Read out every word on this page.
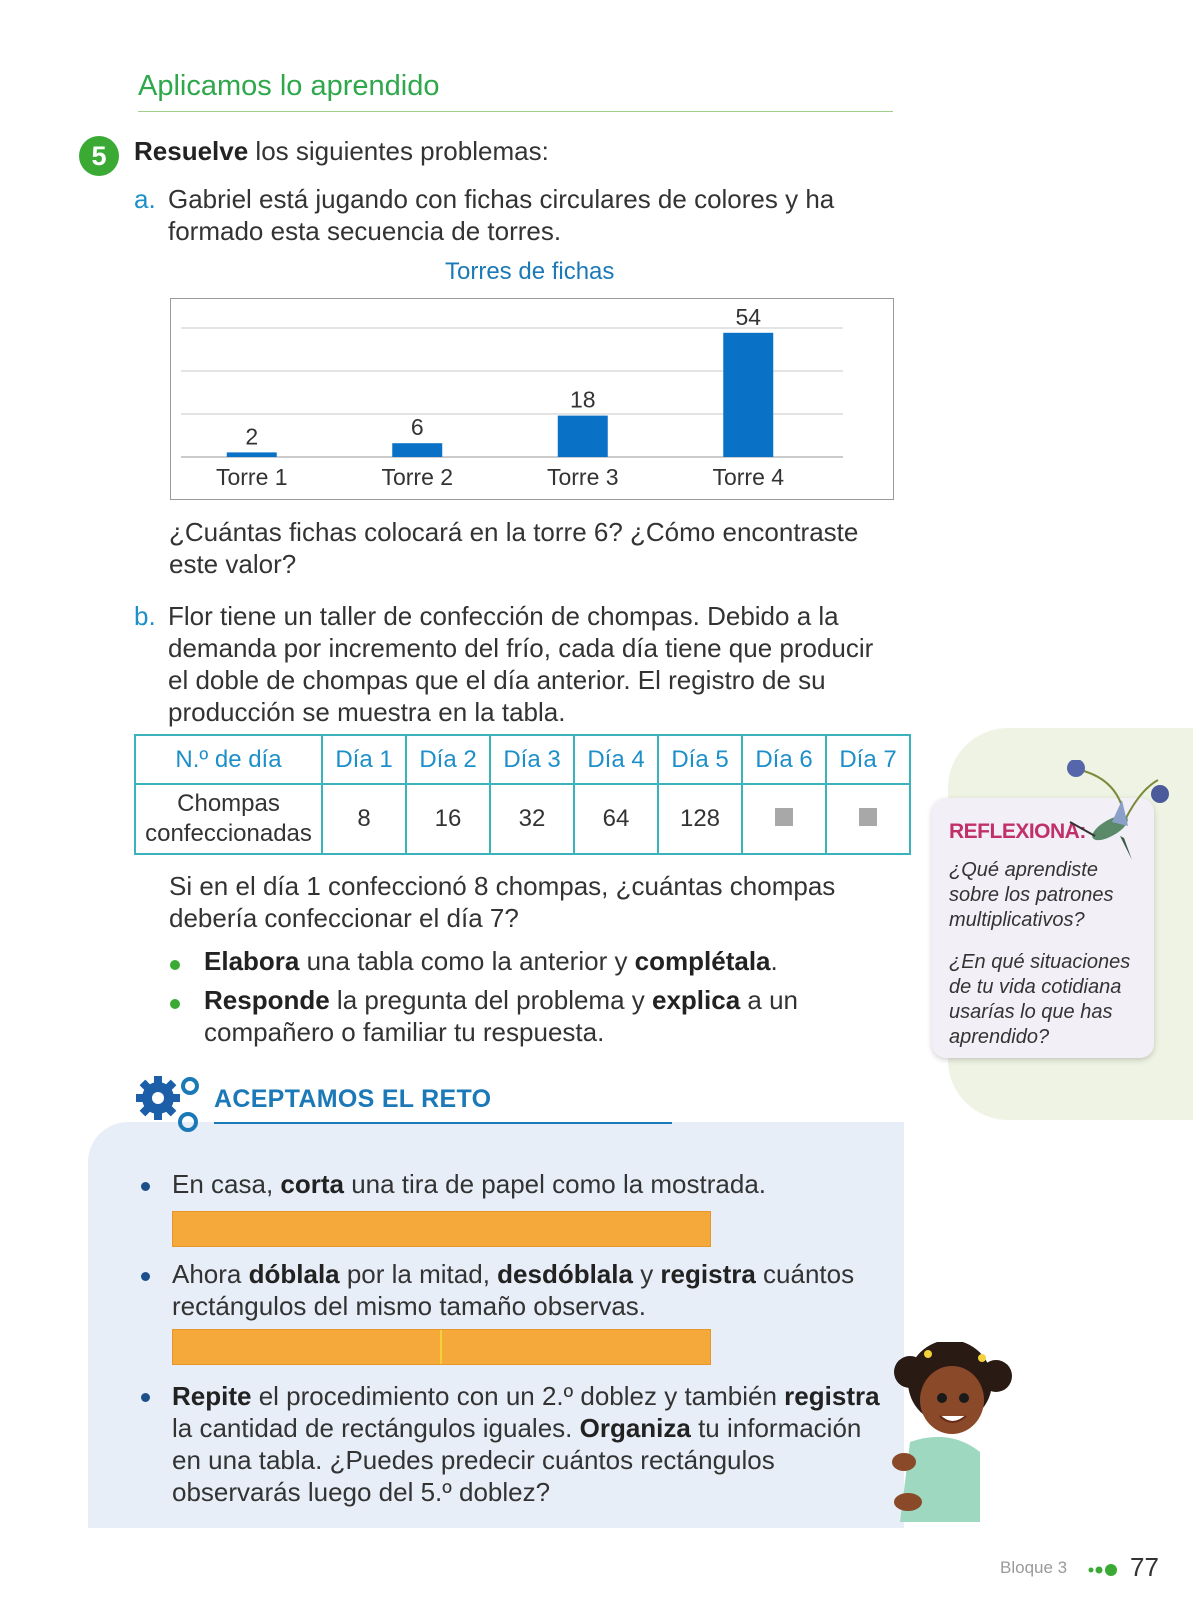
Aplicamos lo aprendido
5	Resuelve los siguientes problemas:
a. Gabriel está jugando con fichas circulares de colores y ha formado esta secuencia de torres.
Torres de fichas
2
Torre 1
6
Torre 2
18
Torre 3
54
Torre 4
¿Cuántas fichas colocará en la torre 6? ¿Cómo encontraste este valor?
b. Flor tiene un taller de confección de chompas. Debido a la demanda por incremento del frío, cada día tiene que producir el doble de chompas que el día anterior. El registro de su producción se muestra en la tabla.
N.º de día	Día 1	Día 2	Día 3	Día 4	Día 5	Día 6	Día 7
Chompas
confeccionadas	8	16	32	64	128		
Si en el día 1 confeccionó 8 chompas, ¿cuántas chompas debería confeccionar el día 7?
Elabora una tabla como la anterior y complétala.
Responde la pregunta del problema y explica a un compañero o familiar tu respuesta.
REFLEXIONA:
¿Qué aprendiste sobre los patrones multiplicativos?
¿En qué situaciones de tu vida cotidiana usarías lo que has aprendido?
ACEPTAMOS EL RETO
En casa, corta una tira de papel como la mostrada.
Ahora dóblala por la mitad, desdóblala y registra cuántos rectángulos del mismo tamaño observas.
Repite el procedimiento con un 2.º doblez y también registra la cantidad de rectángulos iguales. Organiza tu información en una tabla. ¿Puedes predecir cuántos rectángulos observarás luego del 5.º doblez?
Bloque 3 77
